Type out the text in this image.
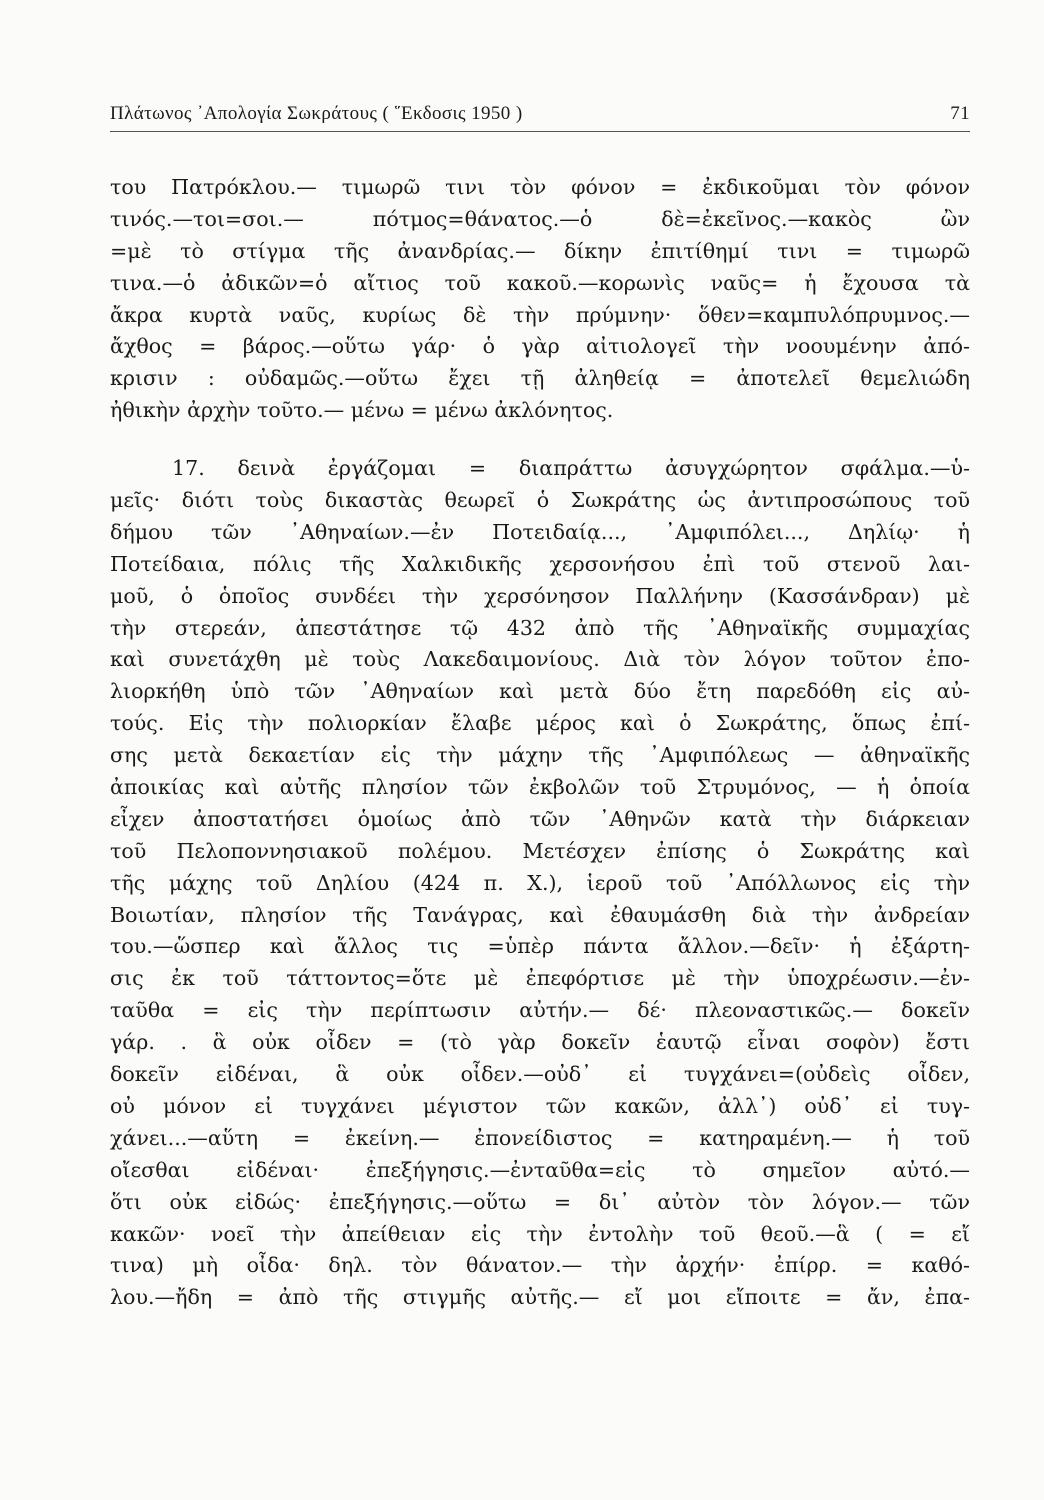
Πλάτωνος ᾿Απολογία Σωκράτους ( ῞Εκδοσις 1950 )	71
του Πατρόκλου.— τιμωρῶ τινι τὸν φόνον = ἐκδικοῦμαι τὸν φόνον
τινός.—τοι=σοι.— πότμος=θάνατος.—ὁ δὲ=ἐκεῖνος.—κακὸς ὢν
=μὲ τὸ στίγμα τῆς ἀνανδρίας.— δίκην ἐπιτίθημί τινι = τιμωρῶ
τινα.—ὁ ἀδικῶν=ὁ αἴτιος τοῦ κακοῦ.—κορωνὶς ναῦς= ἡ ἔχουσα τὰ
ἄκρα κυρτὰ ναῦς, κυρίως δὲ τὴν πρύμνην· ὅθεν=καμπυλόπρυμνος.—
ἄχθος = βάρος.—οὕτω γάρ· ὁ γὰρ αἰτιολογεῖ τὴν νοουμένην ἀπό-
κρισιν : οὐδαμῶς.—οὕτω ἔχει τῇ ἀληθείᾳ = ἀποτελεῖ θεμελιώδη
ἠθικὴν ἀρχὴν τοῦτο.— μένω = μένω ἀκλόνητος.
17. δεινὰ ἐργάζομαι = διαπράττω ἀσυγχώρητον σφάλμα.—ὑ-
μεῖς· διότι τοὺς δικαστὰς θεωρεῖ ὁ Σωκράτης ὡς ἀντιπροσώπους τοῦ
δήμου τῶν ᾿Αθηναίων.—ἐν Ποτειδαίᾳ..., ᾿Αμφιπόλει..., Δηλίῳ· ἡ
Ποτείδαια, πόλις τῆς Χαλκιδικῆς χερσονήσου ἐπὶ τοῦ στενοῦ λαι-
μοῦ, ὁ ὁποῖος συνδέει τὴν χερσόνησον Παλλήνην (Κασσάνδραν) μὲ
τὴν στερεάν, ἀπεστάτησε τῷ 432 ἀπὸ τῆς ᾿Αθηναϊκῆς συμμαχίας
καὶ συνετάχθη μὲ τοὺς Λακεδαιμονίους. Διὰ τὸν λόγον τοῦτον ἐπο-
λιορκήθη ὑπὸ τῶν ᾿Αθηναίων καὶ μετὰ δύο ἔτη παρεδόθη εἰς αὐ-
τούς. Εἰς τὴν πολιορκίαν ἔλαβε μέρος καὶ ὁ Σωκράτης, ὅπως ἐπί-
σης μετὰ δεκαετίαν εἰς τὴν μάχην τῆς ᾿Αμφιπόλεως — ἀθηναϊκῆς
ἀποικίας καὶ αὐτῆς πλησίον τῶν ἐκβολῶν τοῦ Στρυμόνος, — ἡ ὁποία
εἶχεν ἀποστατήσει ὁμοίως ἀπὸ τῶν ᾿Αθηνῶν κατὰ τὴν διάρκειαν
τοῦ Πελοποννησιακοῦ πολέμου. Μετέσχεν ἐπίσης ὁ Σωκράτης καὶ
τῆς μάχης τοῦ Δηλίου (424 π. Χ.), ἱεροῦ τοῦ ᾿Απόλλωνος εἰς τὴν
Βοιωτίαν, πλησίον τῆς Τανάγρας, καὶ ἐθαυμάσθη διὰ τὴν ἀνδρείαν
του.—ὥσπερ καὶ ἄλλος τις =ὑπὲρ πάντα ἄλλον.—δεῖν· ἡ ἐξάρτη-
σις ἐκ τοῦ τάττοντος=ὅτε μὲ ἐπεφόρτισε μὲ τὴν ὑποχρέωσιν.—ἐν-
ταῦθα = εἰς τὴν περίπτωσιν αὐτήν.— δέ· πλεοναστικῶς.— δοκεῖν
γάρ. . ἃ οὐκ οἶδεν = (τὸ γὰρ δοκεῖν ἑαυτῷ εἶναι σοφὸν) ἔστι
δοκεῖν εἰδέναι, ἃ οὐκ οἶδεν.—οὐδ᾿ εἰ τυγχάνει=(οὐδεὶς οἶδεν,
οὐ μόνον εἰ τυγχάνει μέγιστον τῶν κακῶν, ἀλλ᾿) οὐδ᾿ εἰ τυγ-
χάνει...—αὕτη = ἐκείνη.— ἐπονείδιστος = κατηραμένη.— ἡ τοῦ
οἴεσθαι εἰδέναι· ἐπεξήγησις.—ἐνταῦθα=εἰς τὸ σημεῖον αὐτό.—
ὅτι οὐκ εἰδώς· ἐπεξήγησις.—οὕτω = δι᾿ αὐτὸν τὸν λόγον.— τῶν
κακῶν· νοεῖ τὴν ἀπείθειαν εἰς τὴν ἐντολὴν τοῦ θεοῦ.—ἃ ( = εἴ
τινα) μὴ οἶδα· δηλ. τὸν θάνατον.— τὴν ἀρχήν· ἐπίρρ. = καθό-
λου.—ἤδη = ἀπὸ τῆς στιγμῆς αὐτῆς.— εἴ μοι εἴποιτε = ἄν, ἐπα-
